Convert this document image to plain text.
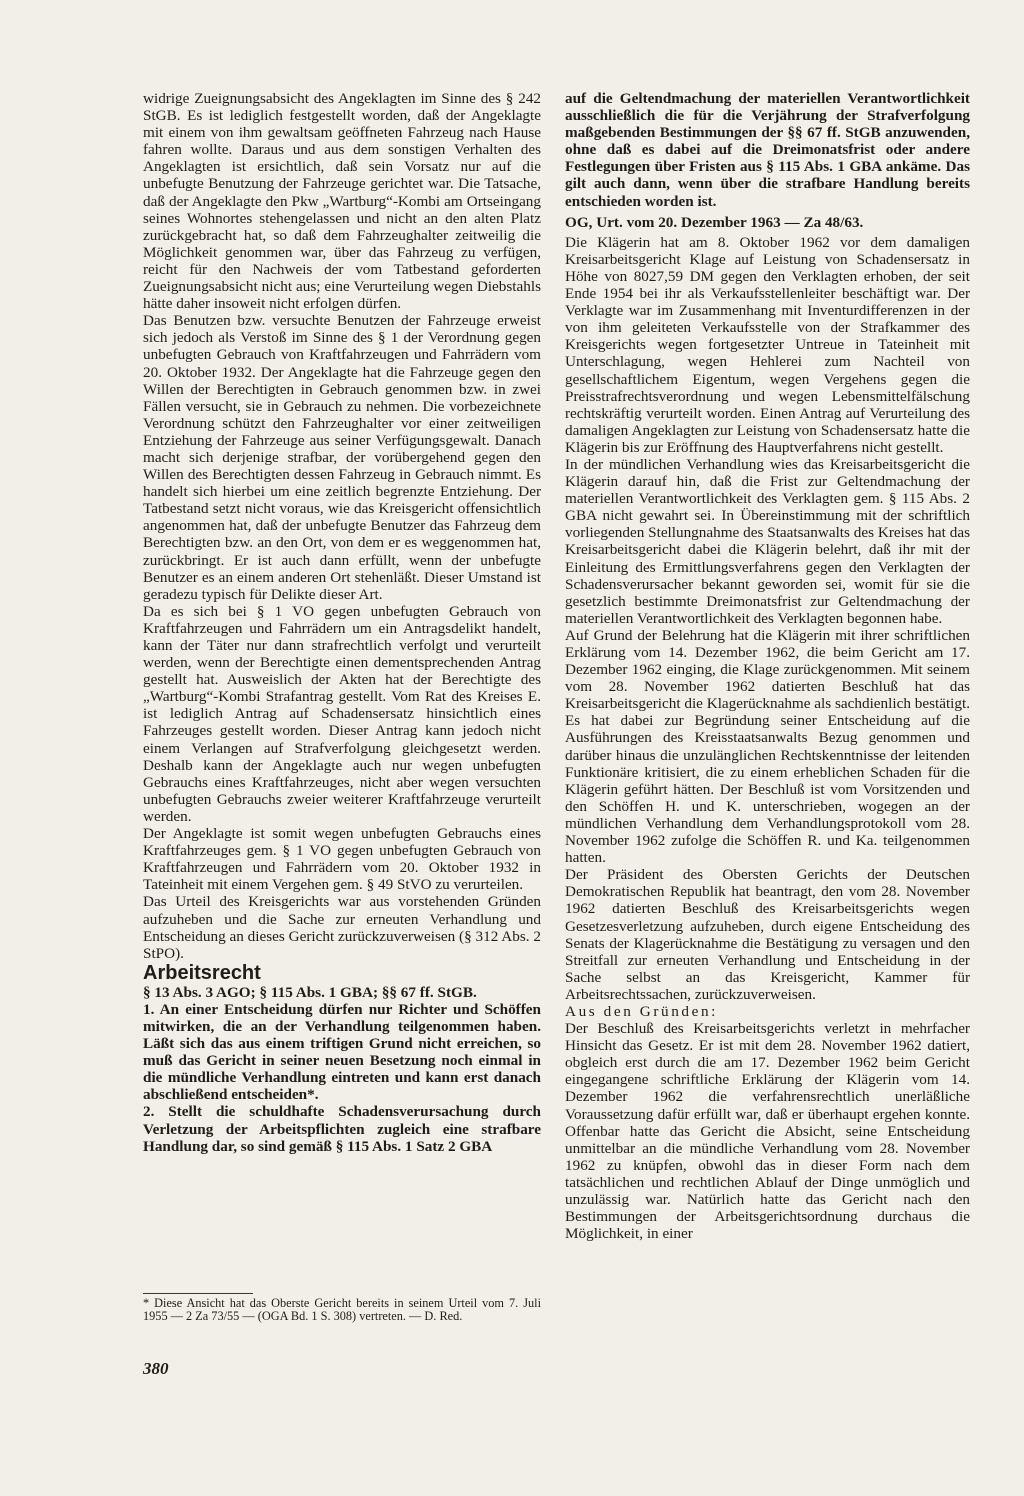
widrige Zueignungsabsicht des Angeklagten im Sinne des § 242 StGB. Es ist lediglich festgestellt worden, daß der Angeklagte mit einem von ihm gewaltsam geöffneten Fahrzeug nach Hause fahren wollte. Daraus und aus dem sonstigen Verhalten des Angeklagten ist ersichtlich, daß sein Vorsatz nur auf die unbefugte Benutzung der Fahrzeuge gerichtet war. Die Tatsache, daß der Angeklagte den Pkw „Wartburg“-Kombi am Ortseingang seines Wohnortes stehengelassen und nicht an den alten Platz zurückgebracht hat, so daß dem Fahrzeughalter zeitweilig die Möglichkeit genommen war, über das Fahrzeug zu verfügen, reicht für den Nachweis der vom Tatbestand geforderten Zueignungsabsicht nicht aus; eine Verurteilung wegen Diebstahls hätte daher insoweit nicht erfolgen dürfen.

Das Benutzen bzw. versuchte Benutzen der Fahrzeuge erweist sich jedoch als Verstoß im Sinne des § 1 der Verordnung gegen unbefugten Gebrauch von Kraftfahrzeugen und Fahrrädern vom 20. Oktober 1932. Der Angeklagte hat die Fahrzeuge gegen den Willen der Berechtigten in Gebrauch genommen bzw. in zwei Fällen versucht, sie in Gebrauch zu nehmen. Die vorbezeichnete Verordnung schützt den Fahrzeughalter vor einer zeitweiligen Entziehung der Fahrzeuge aus seiner Verfügungsgewalt. Danach macht sich derjenige strafbar, der vorübergehend gegen den Willen des Berechtigten dessen Fahrzeug in Gebrauch nimmt. Es handelt sich hierbei um eine zeitlich begrenzte Entziehung. Der Tatbestand setzt nicht voraus, wie das Kreisgericht offensichtlich angenommen hat, daß der unbefugte Benutzer das Fahrzeug dem Berechtigten bzw. an den Ort, von dem er es weggenommen hat, zurückbringt. Er ist auch dann erfüllt, wenn der unbefugte Benutzer es an einem anderen Ort stehenläßt. Dieser Umstand ist geradezu typisch für Delikte dieser Art.

Da es sich bei § 1 VO gegen unbefugten Gebrauch von Kraftfahrzeugen und Fahrrädern um ein Antragsdelikt handelt, kann der Täter nur dann strafrechtlich verfolgt und verurteilt werden, wenn der Berechtigte einen dementsprechenden Antrag gestellt hat. Ausweislich der Akten hat der Berechtigte des „Wartburg“-Kombi Strafantrag gestellt. Vom Rat des Kreises E. ist lediglich Antrag auf Schadensersatz hinsichtlich eines Fahrzeuges gestellt worden. Dieser Antrag kann jedoch nicht einem Verlangen auf Strafverfolgung gleichgesetzt werden. Deshalb kann der Angeklagte auch nur wegen unbefugten Gebrauchs eines Kraftfahrzeuges, nicht aber wegen versuchten unbefugten Gebrauchs zweier weiterer Kraftfahrzeuge verurteilt werden.

Der Angeklagte ist somit wegen unbefugten Gebrauchs eines Kraftfahrzeuges gem. § 1 VO gegen unbefugten Gebrauch von Kraftfahrzeugen und Fahrrädern vom 20. Oktober 1932 in Tateinheit mit einem Vergehen gem. § 49 StVO zu verurteilen.

Das Urteil des Kreisgerichts war aus vorstehenden Gründen aufzuheben und die Sache zur erneuten Verhandlung und Entscheidung an dieses Gericht zurückzuverweisen (§ 312 Abs. 2 StPO).

Arbeitsrecht

§ 13 Abs. 3 AGO; § 115 Abs. 1 GBA; §§ 67 ff. StGB.

1. An einer Entscheidung dürfen nur Richter und Schöffen mitwirken, die an der Verhandlung teilgenommen haben. Läßt sich das aus einem triftigen Grund nicht erreichen, so muß das Gericht in seiner neuen Besetzung noch einmal in die mündliche Verhandlung eintreten und kann erst danach abschließend entscheiden*.

2. Stellt die schuldhafte Schadensverursachung durch Verletzung der Arbeitspflichten zugleich eine strafbare Handlung dar, so sind gemäß § 115 Abs. 1 Satz 2 GBA

auf die Geltendmachung der materiellen Verantwortlichkeit ausschließlich die für die Verjährung der Strafverfolgung maßgebenden Bestimmungen der §§ 67 ff. StGB anzuwenden, ohne daß es dabei auf die Dreimonatsfrist oder andere Festlegungen über Fristen aus § 115 Abs. 1 GBA ankäme. Das gilt auch dann, wenn über die strafbare Handlung bereits entschieden worden ist.

OG, Urt. vom 20. Dezember 1963 — Za 48/63.

Die Klägerin hat am 8. Oktober 1962 vor dem damaligen Kreisarbeitsgericht Klage auf Leistung von Schadensersatz in Höhe von 8027,59 DM gegen den Verklagten erhoben, der seit Ende 1954 bei ihr als Verkaufsstellenleiter beschäftigt war. Der Verklagte war im Zusammenhang mit Inventurdifferenzen in der von ihm geleiteten Verkaufsstelle von der Strafkammer des Kreisgerichts wegen fortgesetzter Untreue in Tateinheit mit Unterschlagung, wegen Hehlerei zum Nachteil von gesellschaftlichem Eigentum, wegen Vergehens gegen die Preisstrafrechtsverordnung und wegen Lebensmittelfälschung rechtskräftig verurteilt worden. Einen Antrag auf Verurteilung des damaligen Angeklagten zur Leistung von Schadensersatz hatte die Klägerin bis zur Eröffnung des Hauptverfahrens nicht gestellt.

In der mündlichen Verhandlung wies das Kreisarbeitsgericht die Klägerin darauf hin, daß die Frist zur Geltendmachung der materiellen Verantwortlichkeit des Verklagten gem. § 115 Abs. 2 GBA nicht gewahrt sei. In Übereinstimmung mit der schriftlich vorliegenden Stellungnahme des Staatsanwalts des Kreises hat das Kreisarbeitsgericht dabei die Klägerin belehrt, daß ihr mit der Einleitung des Ermittlungsverfahrens gegen den Verklagten der Schadensverursacher bekannt geworden sei, womit für sie die gesetzlich bestimmte Dreimonatsfrist zur Geltendmachung der materiellen Verantwortlichkeit des Verklagten begonnen habe.

Auf Grund der Belehrung hat die Klägerin mit ihrer schriftlichen Erklärung vom 14. Dezember 1962, die beim Gericht am 17. Dezember 1962 einging, die Klage zurückgenommen. Mit seinem vom 28. November 1962 datierten Beschluß hat das Kreisarbeitsgericht die Klagerücknahme als sachdienlich bestätigt. Es hat dabei zur Begründung seiner Entscheidung auf die Ausführungen des Kreisstaatsanwalts Bezug genommen und darüber hinaus die unzulänglichen Rechtskenntnisse der leitenden Funktionäre kritisiert, die zu einem erheblichen Schaden für die Klägerin geführt hätten. Der Beschluß ist vom Vorsitzenden und den Schöffen H. und K. unterschrieben, wogegen an der mündlichen Verhandlung dem Verhandlungsprotokoll vom 28. November 1962 zufolge die Schöffen R. und Ka. teilgenommen hatten.

Der Präsident des Obersten Gerichts der Deutschen Demokratischen Republik hat beantragt, den vom 28. November 1962 datierten Beschluß des Kreisarbeitsgerichts wegen Gesetzesverletzung aufzuheben, durch eigene Entscheidung des Senats der Klagerücknahme die Bestätigung zu versagen und den Streitfall zur erneuten Verhandlung und Entscheidung in der Sache selbst an das Kreisgericht, Kammer für Arbeitsrechtssachen, zurückzuverweisen.

Aus den Gründen:

Der Beschluß des Kreisarbeitsgerichts verletzt in mehrfacher Hinsicht das Gesetz. Er ist mit dem 28. November 1962 datiert, obgleich erst durch die am 17. Dezember 1962 beim Gericht eingegangene schriftliche Erklärung der Klägerin vom 14. Dezember 1962 die verfahrensrechtlich unerläßliche Voraussetzung dafür erfüllt war, daß er überhaupt ergehen konnte. Offenbar hatte das Gericht die Absicht, seine Entscheidung unmittelbar an die mündliche Verhandlung vom 28. November 1962 zu knüpfen, obwohl das in dieser Form nach dem tatsächlichen und rechtlichen Ablauf der Dinge unmöglich und unzulässig war. Natürlich hatte das Gericht nach den Bestimmungen der Arbeitsgerichtsordnung durchaus die Möglichkeit, in einer

* Diese Ansicht hat das Oberste Gericht bereits in seinem Urteil vom 7. Juli 1955 — 2 Za 73/55 — (OGA Bd. 1 S. 308) vertreten. — D. Red.
380
